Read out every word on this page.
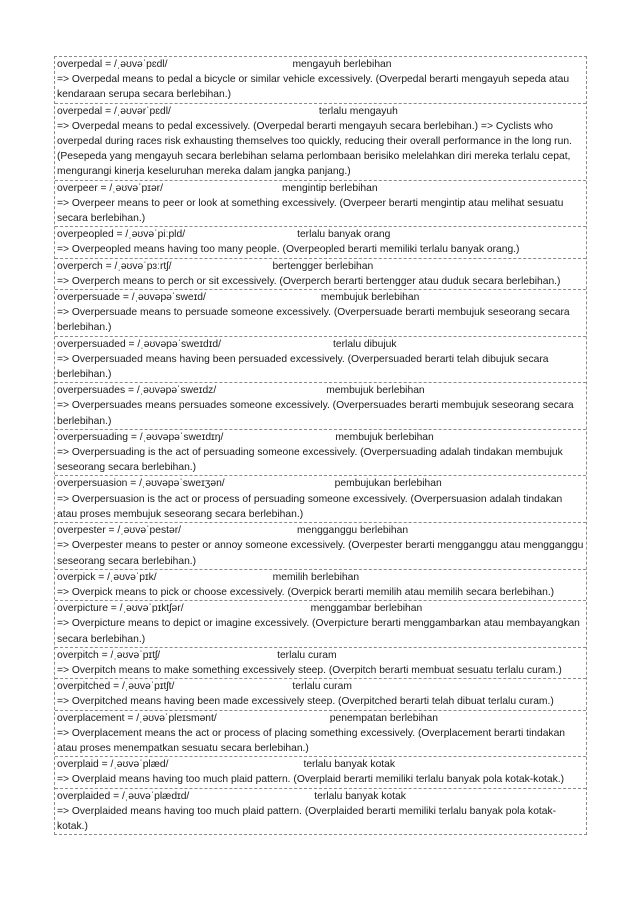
overpedal = /ˌəʊvəˈpɛdl/	mengayuh berlebihan

=> Overpedal means to pedal a bicycle or similar vehicle excessively. (Overpedal berarti mengayuh sepeda atau kendaraan serupa secara berlebihan.)

overpedal = /ˌəʊvərˈpɛdl/	terlalu mengayuh

=> Overpedal means to pedal excessively. (Overpedal berarti mengayuh secara berlebihan.) => Cyclists who overpedal during races risk exhausting themselves too quickly, reducing their overall performance in the long run. (Pesepeda yang mengayuh secara berlebihan selama perlombaan berisiko melelahkan diri mereka terlalu cepat, mengurangi kinerja keseluruhan mereka dalam jangka panjang.)

overpeer = /ˌəʊvəˈpɪər/	mengintip berlebihan

=> Overpeer means to peer or look at something excessively. (Overpeer berarti mengintip atau melihat sesuatu secara berlebihan.)

overpeopled = /ˌəʊvəˈpiːpld/	terlalu banyak orang

=> Overpeopled means having too many people. (Overpeopled berarti memiliki terlalu banyak orang.)

overperch = /ˌəʊvəˈpɜːrtʃ/	bertengger berlebihan

=> Overperch means to perch or sit excessively. (Overperch berarti bertengger atau duduk secara berlebihan.)

overpersuade = /ˌəʊvəpəˈsweɪd/	membujuk berlebihan

=> Overpersuade means to persuade someone excessively. (Overpersuade berarti membujuk seseorang secara berlebihan.)

overpersuaded = /ˌəʊvəpəˈsweɪdɪd/	terlalu dibujuk

=> Overpersuaded means having been persuaded excessively. (Overpersuaded berarti telah dibujuk secara berlebihan.)

overpersuades = /ˌəʊvəpəˈsweɪdz/	membujuk berlebihan

=> Overpersuades means persuades someone excessively. (Overpersuades berarti membujuk seseorang secara berlebihan.)

overpersuading = /ˌəʊvəpəˈsweɪdɪŋ/	membujuk berlebihan

=> Overpersuading is the act of persuading someone excessively. (Overpersuading adalah tindakan membujuk seseorang secara berlebihan.)

overpersuasion = /ˌəʊvəpəˈsweɪʒən/	pembujukan berlebihan

=> Overpersuasion is the act or process of persuading someone excessively. (Overpersuasion adalah tindakan atau proses membujuk seseorang secara berlebihan.)

overpester = /ˌəʊvəˈpestər/	mengganggu berlebihan

=> Overpester means to pester or annoy someone excessively. (Overpester berarti mengganggu atau mengganggu seseorang secara berlebihan.)

overpick = /ˌəʊvəˈpɪk/	memilih berlebihan

=> Overpick means to pick or choose excessively. (Overpick berarti memilih atau memilih secara berlebihan.)

overpicture = /ˌəʊvəˈpɪktʃər/	menggambar berlebihan

=> Overpicture means to depict or imagine excessively. (Overpicture berarti menggambarkan atau membayangkan secara berlebihan.)

overpitch = /ˌəʊvəˈpɪtʃ/	terlalu curam

=> Overpitch means to make something excessively steep. (Overpitch berarti membuat sesuatu terlalu curam.)

overpitched = /ˌəʊvəˈpɪtʃt/	terlalu curam

=> Overpitched means having been made excessively steep. (Overpitched berarti telah dibuat terlalu curam.)

overplacement = /ˌəʊvəˈpleɪsmənt/	penempatan berlebihan

=> Overplacement means the act or process of placing something excessively. (Overplacement berarti tindakan atau proses menempatkan sesuatu secara berlebihan.)

overplaid = /ˌəʊvəˈplæd/	terlalu banyak kotak

=> Overplaid means having too much plaid pattern. (Overplaid berarti memiliki terlalu banyak pola kotak-kotak.)

overplaided = /ˌəʊvəˈplædɪd/	terlalu banyak kotak

=> Overplaided means having too much plaid pattern. (Overplaided berarti memiliki terlalu banyak pola kotak-kotak.)
